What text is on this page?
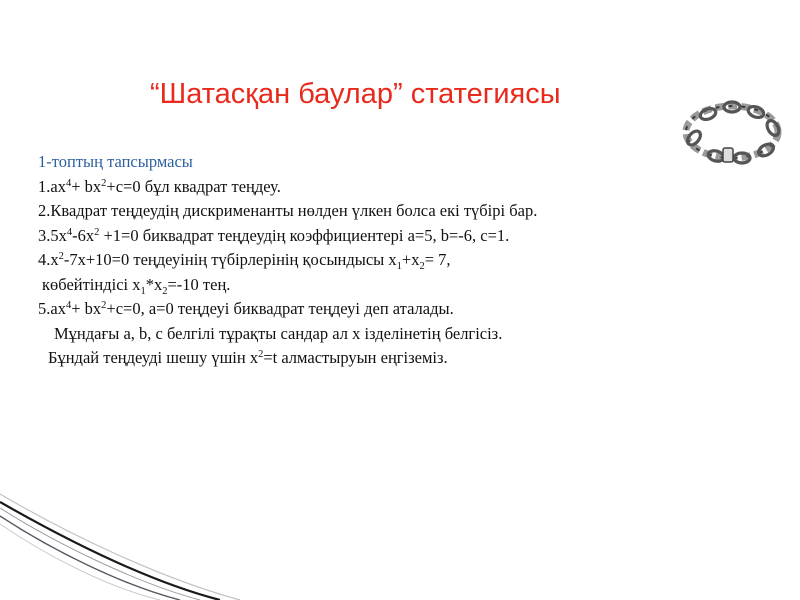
“Шатасқан баулар” статегиясы
1-топтың тапсырмасы
$1.ах^4+ bх^2+с=0$ бұл квадрат теңдеу.
2.Квадрат теңдеудің дискрименанты нөлден үлкен болса екі түбірі бар.
$3.5х^4-6х^2 +1=0$ биквадрат теңдеудің коэффициентері а=5, b=-6, с=1.
$4.х^2-7х+10=0$ теңдеуінің түбірлерінің қосындысы $х_1+х_2= 7$,
көбейтіндісі $х_1*х_2=-10$ тең.
$5.ах^4+ bх^2+с=0$, а=0 теңдеуі биквадрат теңдеуі деп аталады.
Мұндағы а, b, с белгілі тұрақты сандар ал х ізделінетің белгісіз.
Бұндай теңдеуді шешу үшін $х^2=t$ алмастыруын еңгіземіз.
